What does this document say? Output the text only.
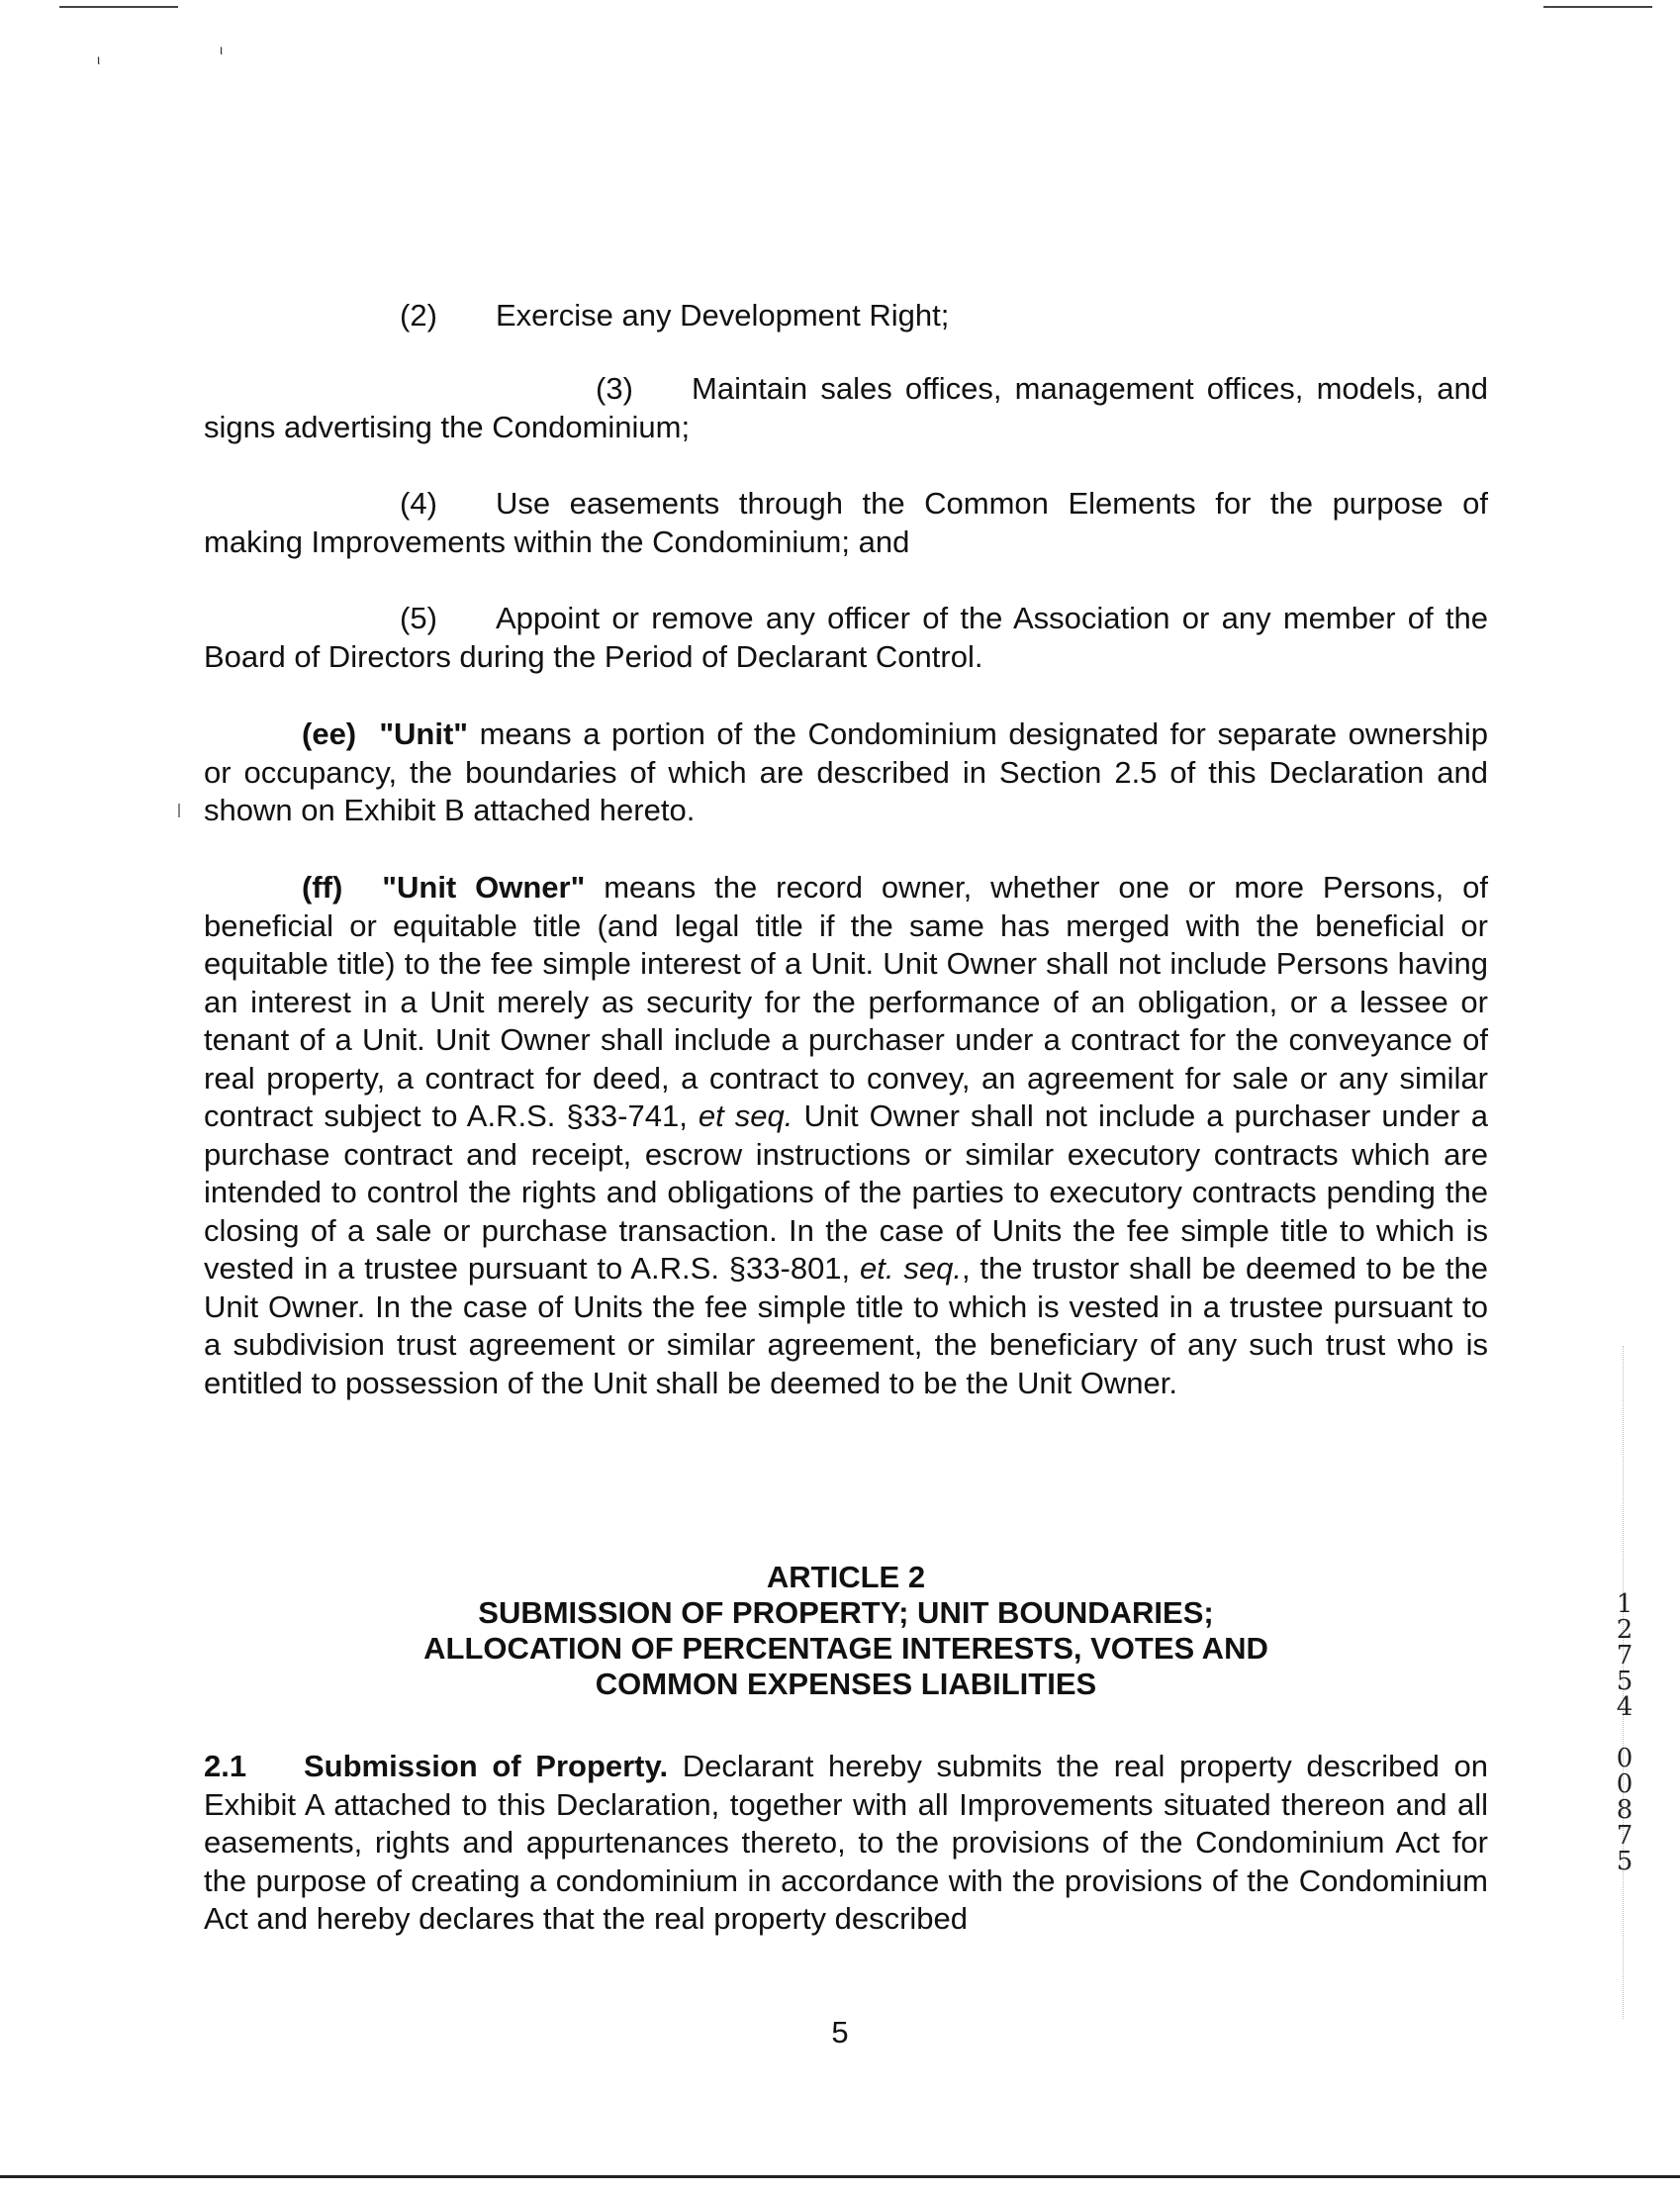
ι
ι
(2) Exercise any Development Right;
(3) Maintain sales offices, management offices, models, and signs advertising the Condominium;
(4) Use easements through the Common Elements for the purpose of making Improvements within the Condominium; and
(5) Appoint or remove any officer of the Association or any member of the Board of Directors during the Period of Declarant Control.
(ee) "Unit" means a portion of the Condominium designated for separate ownership or occupancy, the boundaries of which are described in Section 2.5 of this Declaration and shown on Exhibit B attached hereto.
(ff) "Unit Owner" means the record owner, whether one or more Persons, of beneficial or equitable title (and legal title if the same has merged with the beneficial or equitable title) to the fee simple interest of a Unit. Unit Owner shall not include Persons having an interest in a Unit merely as security for the performance of an obligation, or a lessee or tenant of a Unit. Unit Owner shall include a purchaser under a contract for the conveyance of real property, a contract for deed, a contract to convey, an agreement for sale or any similar contract subject to A.R.S. §33-741, et seq. Unit Owner shall not include a purchaser under a purchase contract and receipt, escrow instructions or similar executory contracts which are intended to control the rights and obligations of the parties to executory contracts pending the closing of a sale or purchase transaction. In the case of Units the fee simple title to which is vested in a trustee pursuant to A.R.S. §33-801, et. seq., the trustor shall be deemed to be the Unit Owner. In the case of Units the fee simple title to which is vested in a trustee pursuant to a subdivision trust agreement or similar agreement, the beneficiary of any such trust who is entitled to possession of the Unit shall be deemed to be the Unit Owner.
ARTICLE 2
SUBMISSION OF PROPERTY; UNIT BOUNDARIES;
ALLOCATION OF PERCENTAGE INTERESTS, VOTES AND
COMMON EXPENSES LIABILITIES
2.1 Submission of Property. Declarant hereby submits the real property described on Exhibit A attached to this Declaration, together with all Improvements situated thereon and all easements, rights and appurtenances thereto, to the provisions of the Condominium Act for the purpose of creating a condominium in accordance with the provisions of the Condominium Act and hereby declares that the real property described
1
2
7
5
4
0
0
8
7
5
5
